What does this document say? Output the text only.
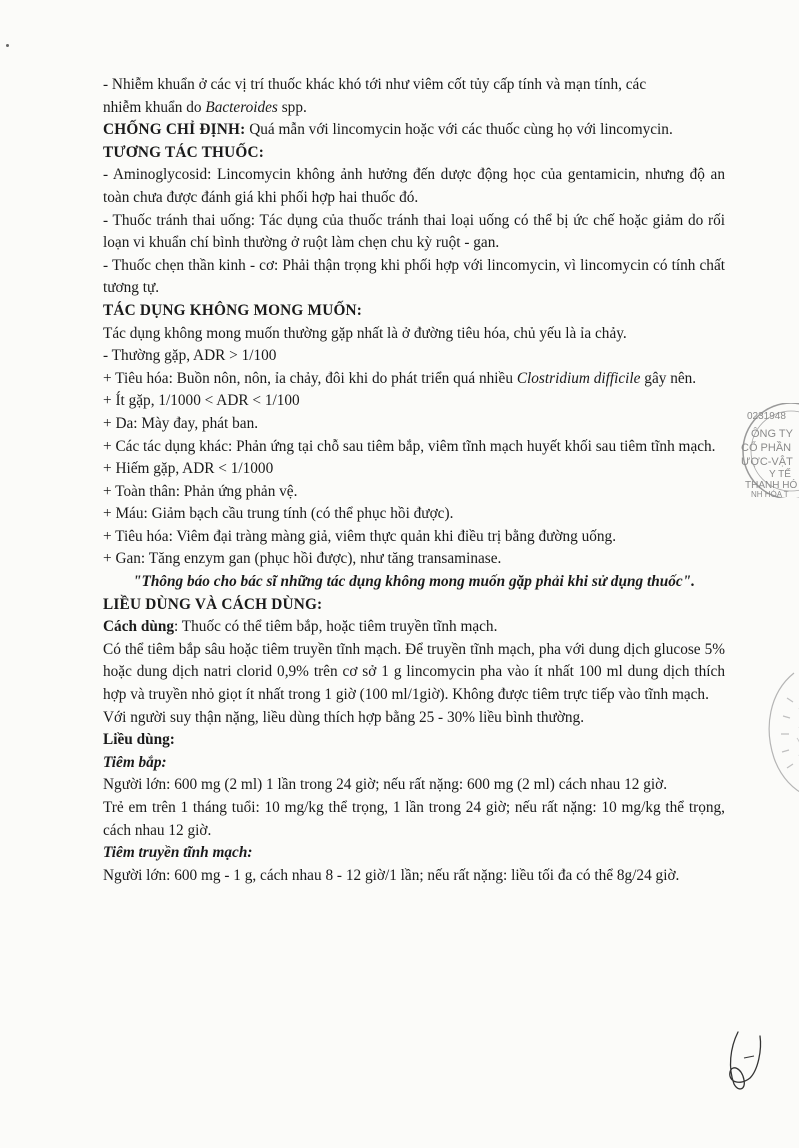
- Nhiễm khuẩn ở các vị trí thuốc khác khó tới như viêm cốt tủy cấp tính và mạn tính, các

nhiễm khuẩn do Bacteroides spp.

CHỐNG CHỈ ĐỊNH: Quá mẫn với lincomycin hoặc với các thuốc cùng họ với lincomycin.

TƯƠNG TÁC THUỐC:

- Aminoglycosid: Lincomycin không ảnh hưởng đến dược động học của gentamicin, nhưng độ an toàn chưa được đánh giá khi phối hợp hai thuốc đó.

- Thuốc tránh thai uống: Tác dụng của thuốc tránh thai loại uống có thể bị ức chế hoặc giảm do rối loạn vi khuẩn chí bình thường ở ruột làm chẹn chu kỳ ruột - gan.

- Thuốc chẹn thần kinh - cơ: Phải thận trọng khi phối hợp với lincomycin, vì lincomycin có tính chất tương tự.

TÁC DỤNG KHÔNG MONG MUỐN:

Tác dụng không mong muốn thường gặp nhất là ở đường tiêu hóa, chủ yếu là ỉa chảy.

- Thường gặp, ADR > 1/100

+ Tiêu hóa: Buồn nôn, nôn, ỉa chảy, đôi khi do phát triển quá nhiều Clostridium difficile gây nên.

+ Ít gặp, 1/1000 < ADR < 1/100

+ Da: Mày đay, phát ban.

+ Các tác dụng khác: Phản ứng tại chỗ sau tiêm bắp, viêm tĩnh mạch huyết khối sau tiêm tĩnh mạch.

+ Hiếm gặp, ADR < 1/1000

+ Toàn thân: Phản ứng phản vệ.

+ Máu: Giảm bạch cầu trung tính (có thể phục hồi được).

+ Tiêu hóa: Viêm đại tràng màng giả, viêm thực quản khi điều trị bằng đường uống.

+ Gan: Tăng enzym gan (phục hồi được), như tăng transaminase.

"Thông báo cho bác sĩ những tác dụng không mong muốn gặp phải khi sử dụng thuốc".

LIỀU DÙNG VÀ CÁCH DÙNG:

Cách dùng: Thuốc có thể tiêm bắp, hoặc tiêm truyền tĩnh mạch.

Có thể tiêm bắp sâu hoặc tiêm truyền tĩnh mạch. Để truyền tĩnh mạch, pha với dung dịch glucose 5% hoặc dung dịch natri clorid 0,9% trên cơ sở 1 g lincomycin pha vào ít nhất 100 ml dung dịch thích hợp và truyền nhỏ giọt ít nhất trong 1 giờ (100 ml/1giờ). Không được tiêm trực tiếp vào tĩnh mạch.

Với người suy thận nặng, liều dùng thích hợp bằng 25 - 30% liều bình thường.

Liều dùng:

Tiêm bắp:

Người lớn: 600 mg (2 ml) 1 lần trong 24 giờ; nếu rất nặng: 600 mg (2 ml) cách nhau 12 giờ.

Trẻ em trên 1 tháng tuổi: 10 mg/kg thể trọng, 1 lần trong 24 giờ; nếu rất nặng: 10 mg/kg thể trọng, cách nhau 12 giờ.

Tiêm truyền tĩnh mạch:

Người lớn: 600 mg - 1 g, cách nhau 8 - 12 giờ/1 lần; nếu rất nặng: liều tối đa có thể 8g/24 giờ.

0231948
ÔNG TY
CỔ PHẦN
ƯỢC-VẬT
Y TẾ
THANH HÓ
NH HÓA T
